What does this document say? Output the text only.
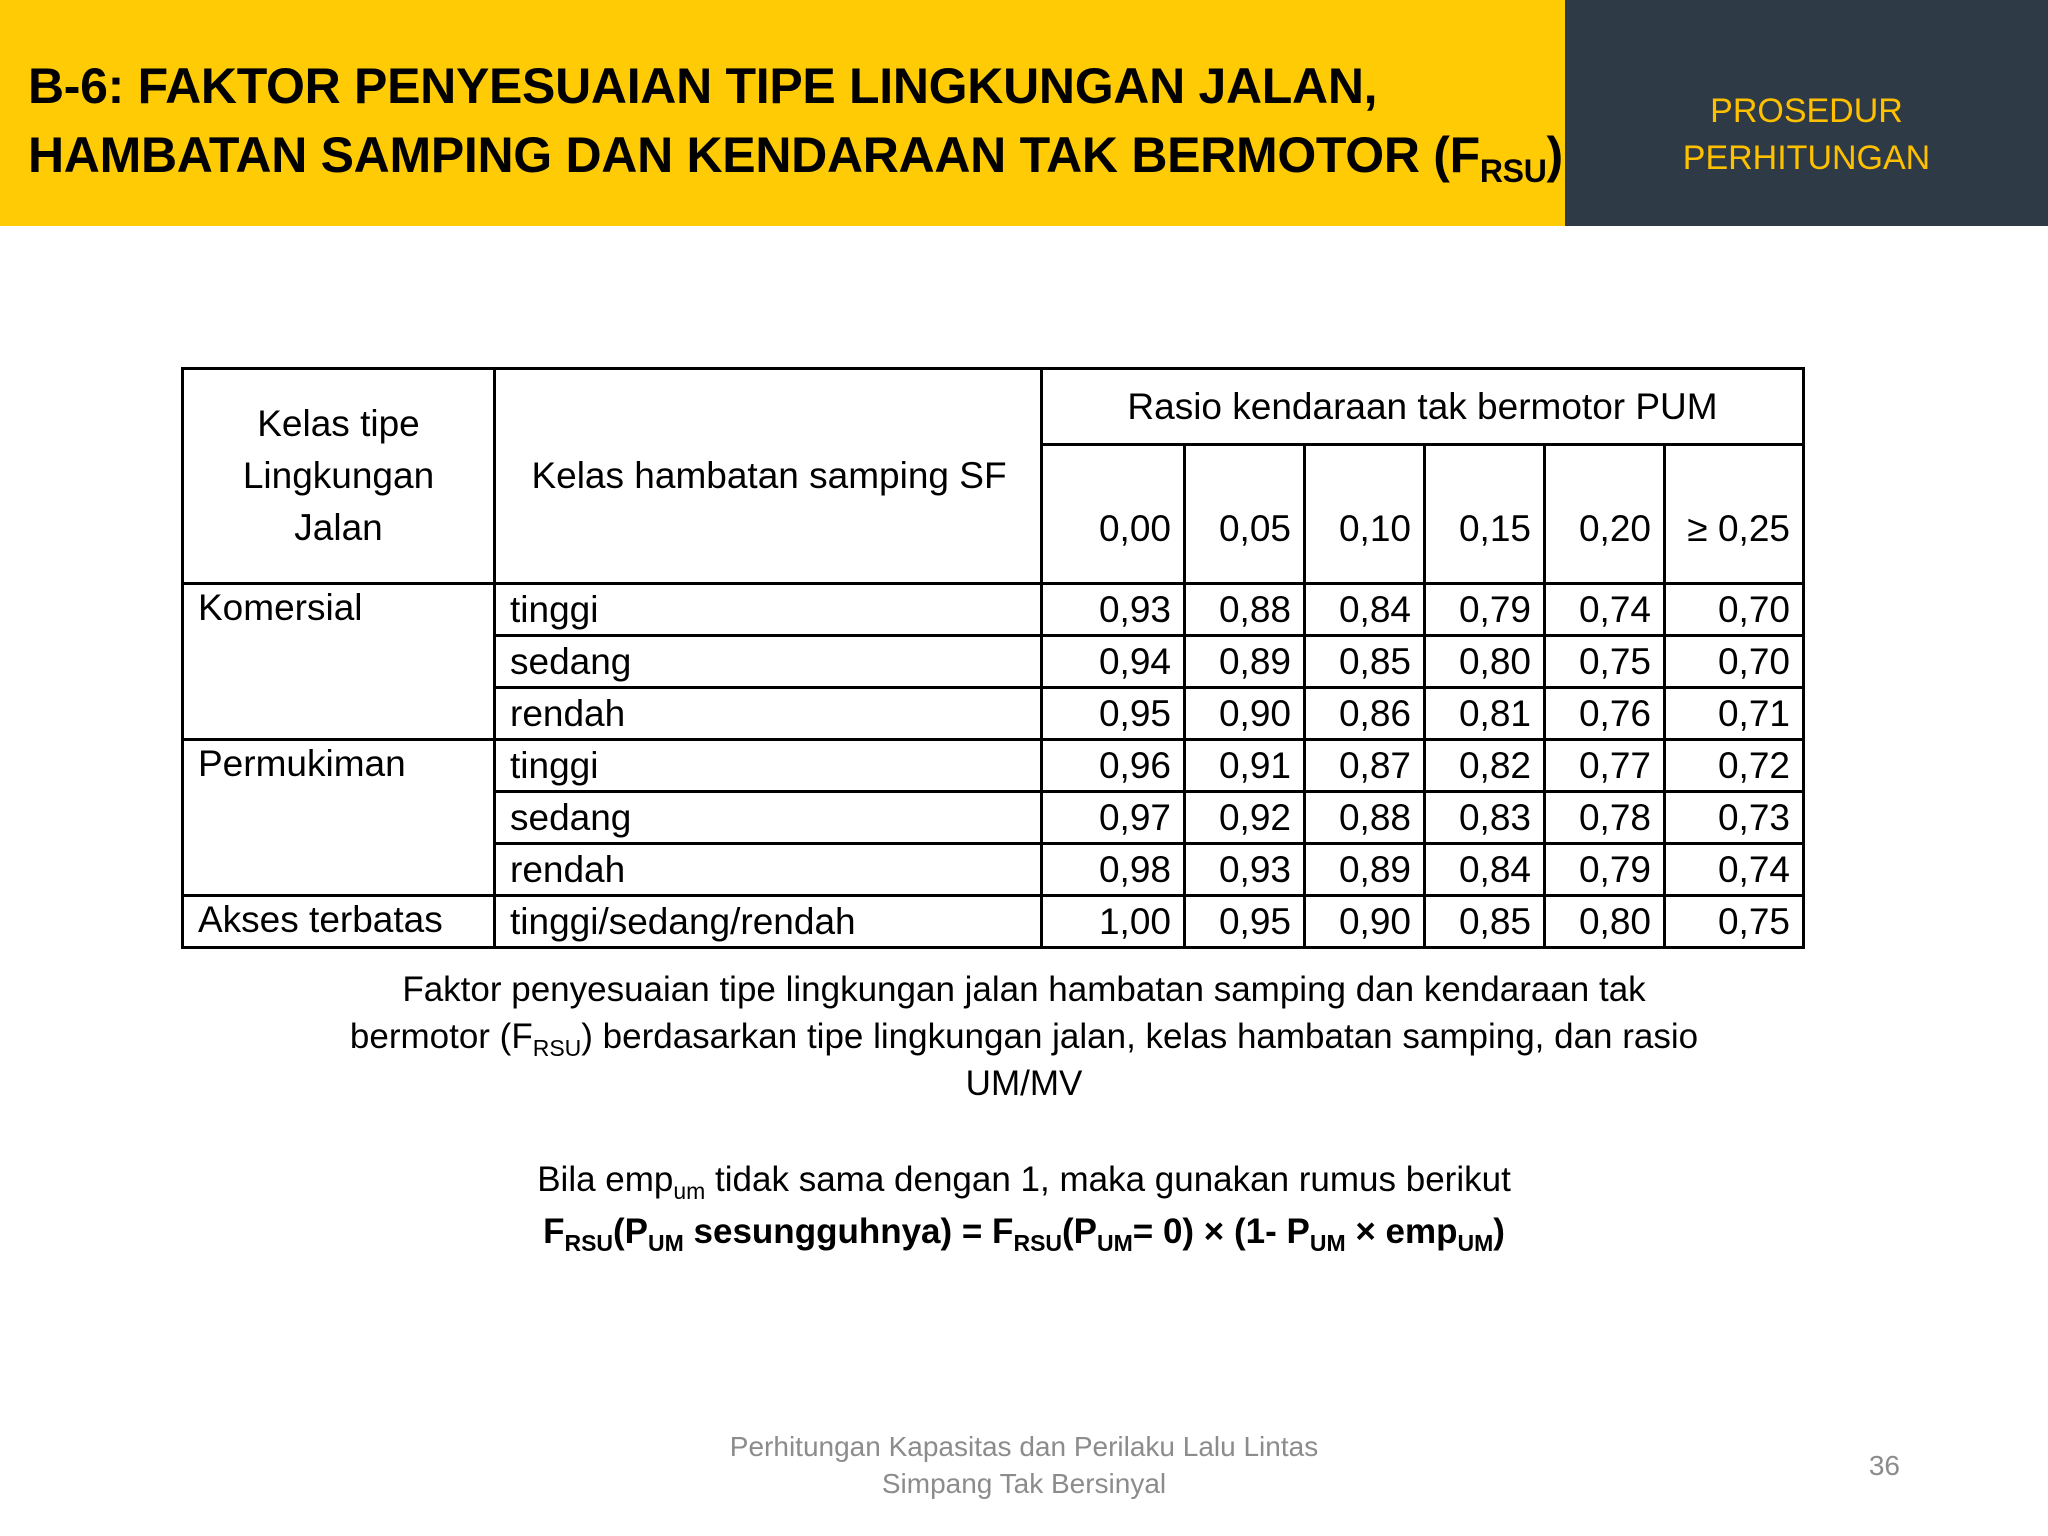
B-6: FAKTOR PENYESUAIAN TIPE LINGKUNGAN JALAN,
HAMBATAN SAMPING DAN KENDARAAN TAK BERMOTOR $(F_{RSU})$
PROSEDUR
PERHITUNGAN
Kelas tipe
Lingkungan
Jalan	Kelas hambatan samping SF	Rasio kendaraan tak bermotor PUM					
		0,00	0,05	0,10	0,15	0,20	≥ 0,25
Komersial	tinggi	0,93	0,88	0,84	0,79	0,74	0,70
	sedang	0,94	0,89	0,85	0,80	0,75	0,70
	rendah	0,95	0,90	0,86	0,81	0,76	0,71
Permukiman	tinggi	0,96	0,91	0,87	0,82	0,77	0,72
	sedang	0,97	0,92	0,88	0,83	0,78	0,73
	rendah	0,98	0,93	0,89	0,84	0,79	0,74
Akses terbatas	tinggi/sedang/rendah	1,00	0,95	0,90	0,85	0,80	0,75
Faktor penyesuaian tipe lingkungan jalan hambatan samping dan kendaraan tak
bermotor $(F_{RSU})$ berdasarkan tipe lingkungan jalan, kelas hambatan samping, dan rasio
UM/MV
Bila emp$_{um}$ tidak sama dengan 1, maka gunakan rumus berikut
$F_{RSU}(P_{UM}$ sesungguhnya) = $F_{RSU}(P_{UM}= 0) \times (1-$ $P_{UM} \times emp_{UM}$)
Perhitungan Kapasitas dan Perilaku Lalu Lintas
Simpang Tak Bersinyal
36
